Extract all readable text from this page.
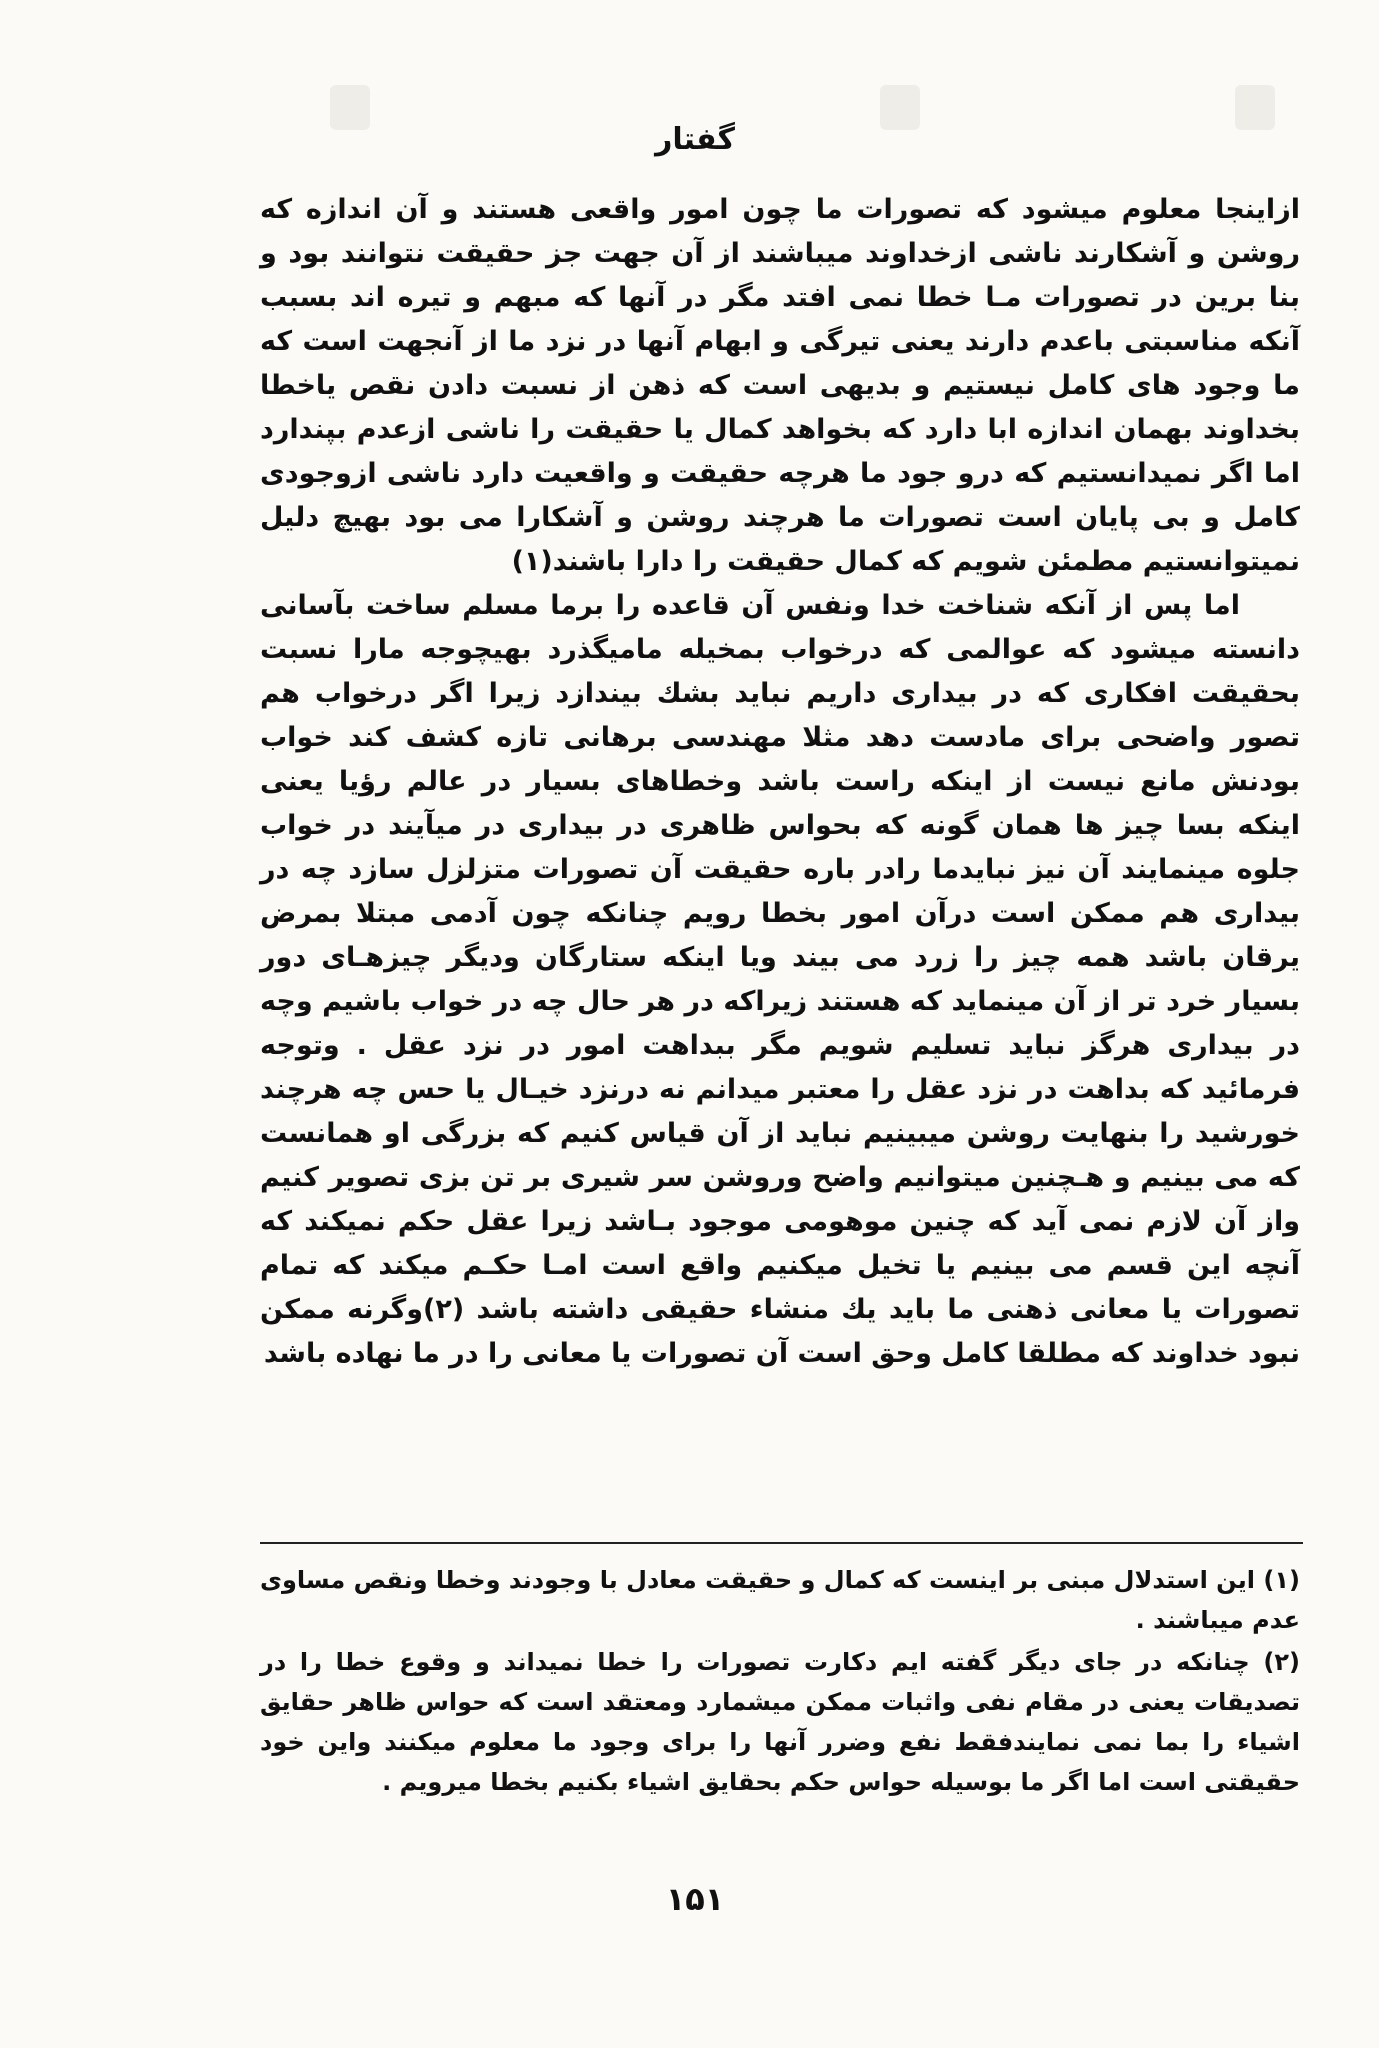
گفتار

ازاینجا معلوم میشود که تصورات ما چون امور واقعی هستند و آن اندازه که روشن و آشکارند ناشی ازخداوند میباشند از آن جهت جز حقیقت نتوانند بود و بنا برین در تصورات مـا خطا نمی افتد مگر در آنها که مبهم و تیره اند بسبب آنکه مناسبتی باعدم دارند یعنی تیرگی و ابهام آنها در نزد ما از آنجهت است که ما وجود های کامل نیستیم و بدیهی است که ذهن از نسبت دادن نقص یاخطا بخداوند بهمان اندازه ابا دارد که بخواهد کمال یا حقیقت را ناشی ازعدم بپندارد اما اگر نمیدانستیم که درو جود ما هرچه حقیقت و واقعیت دارد ناشی ازوجودی کامل و بی پایان است تصورات ما هرچند روشن و آشکارا می بود بهیچ دلیل نمیتوانستیم مطمئن شویم که کمال حقیقت را دارا باشند(۱)

اما پس از آنکه شناخت خدا ونفس آن قاعده را برما مسلم ساخت بآسانی دانسته میشود که عوالمی که درخواب بمخیله مامیگذرد بهیچوجه مارا نسبت بحقیقت افکاری که در بیداری داریم نباید بشك بیندازد زیرا اگر درخواب هم تصور واضحی برای مادست دهد مثلا مهندسی برهانی تازه کشف کند خواب بودنش مانع نیست از اینکه راست باشد وخطاهای بسیار در عالم رؤیا یعنی اینکه بسا چیز ها همان گونه که بحواس ظاهری در بیداری در میآیند در خواب جلوه مینمایند آن نیز نبایدما رادر باره حقیقت آن تصورات متزلزل سازد چه در بیداری هم ممکن است درآن امور بخطا رویم چنانکه چون آدمی مبتلا بمرض یرقان باشد همه چیز را زرد می بیند ویا اینکه ستارگان ودیگر چیزهـای دور بسیار خرد تر از آن مینماید که هستند زیراکه در هر حال چه در خواب باشیم وچه در بیداری هرگز نباید تسلیم شویم مگر ببداهت امور در نزد عقل . وتوجه فرمائید که بداهت در نزد عقل را معتبر میدانم نه درنزد خیـال یا حس چه هرچند خورشید را بنهایت روشن میبینیم نباید از آن قیاس کنیم که بزرگی او همانست که می بینیم و هـچنین میتوانیم واضح وروشن سر شیری بر تن بزی تصویر کنیم واز آن لازم نمی آید که چنین موهومی موجود بـاشد زیرا عقل حکم نمیکند که آنچه این قسم می بینیم یا تخیل میکنیم واقع است امـا حکـم میکند که تمام تصورات یا معانی ذهنی ما باید یك منشاء حقیقی داشته باشد (۲)وگرنه ممکن نبود خداوند که مطلقا کامل وحق است آن تصورات یا معانی را در ما نهاده باشد

(۱) این استدلال مبنی بر اینست که کمال و حقیقت معادل با وجودند وخطا ونقص مساوی عدم میباشند .

(۲) چنانکه در جای دیگر گفته ایم دکارت تصورات را خطا نمیداند و وقوع خطا را در تصدیقات یعنی در مقام نفی واثبات ممکن میشمارد ومعتقد است که حواس ظاهر حقایق اشیاء را بما نمی نمایندفقط نفع وضرر آنها را برای وجود ما معلوم میکنند واین خود حقیقتی است اما اگر ما بوسیله حواس حکم بحقایق اشیاء بکنیم بخطا میرویم .

۱۵۱
